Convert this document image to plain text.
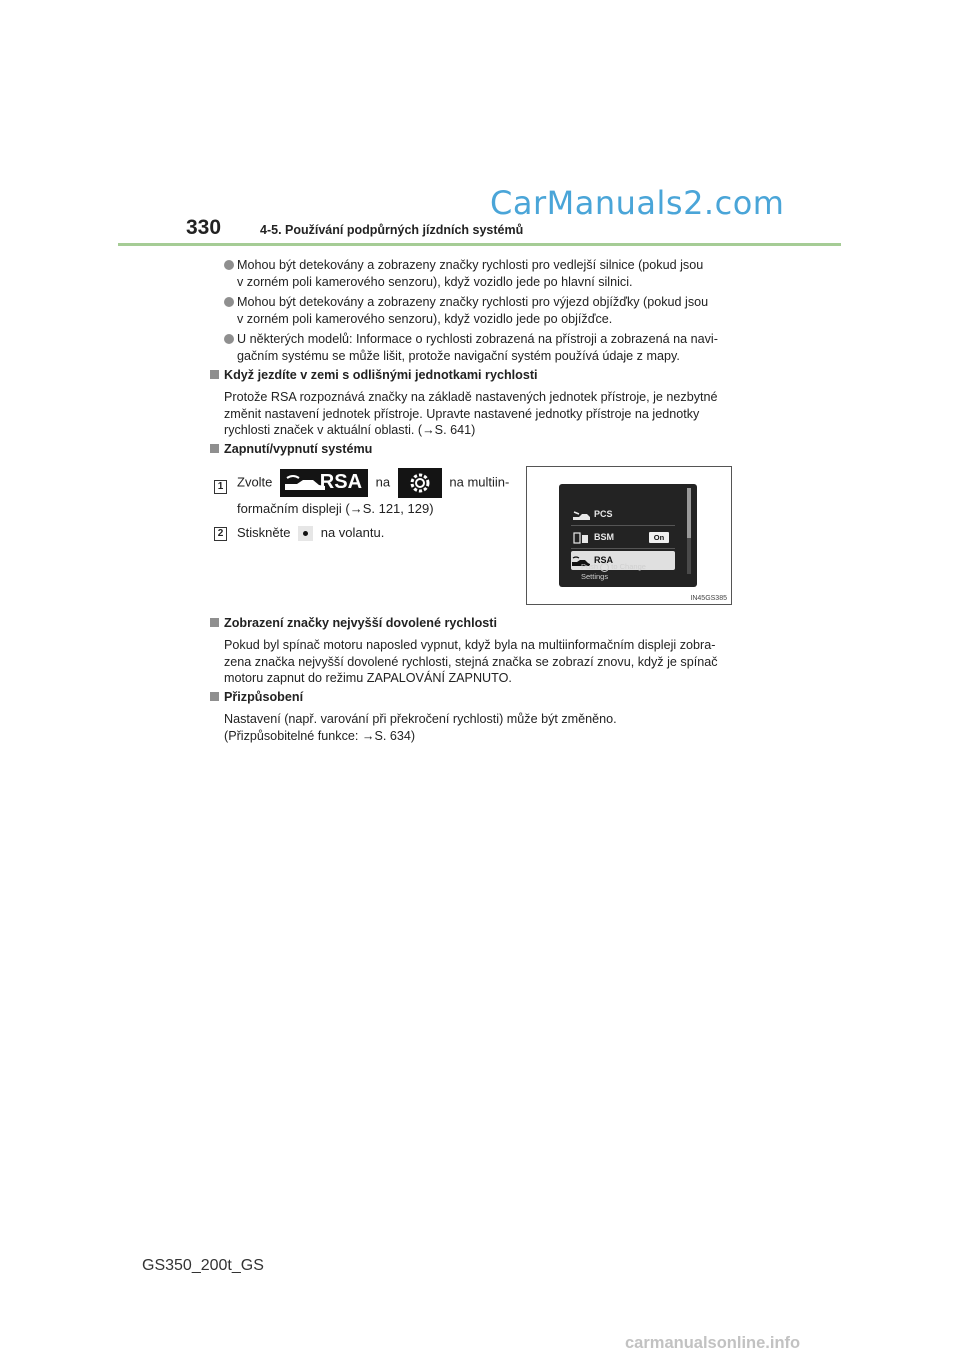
CarManuals2.com
330	4-5. Používání podpůrných jízdních systémů
Mohou být detekovány a zobrazeny značky rychlosti pro vedlejší silnice (pokud jsou
v zorném poli kamerového senzoru), když vozidlo jede po hlavní silnici.
Mohou být detekovány a zobrazeny značky rychlosti pro výjezd objížďky (pokud jsou
v zorném poli kamerového senzoru), když vozidlo jede po objížďce.
U některých modelů: Informace o rychlosti zobrazená na přístroji a zobrazená na navi-
gačním systému se může lišit, protože navigační systém používá údaje z mapy.
Když jezdíte v zemi s odlišnými jednotkami rychlosti
Protože RSA rozpoznává značky na základě nastavených jednotek přístroje, je nezbytné
změnit nastavení jednotek přístroje. Upravte nastavené jednotky přístroje na jednotky
rychlosti značek v aktuální oblasti. (→S. 641)
Zapnutí/vypnutí systému
1 Zvolte RSA na	na multiin-
formačním displeji (→S. 121, 129)
2 Stiskněte na volantu.
PCS
BSM	On
RSA
Push to Change
Settings
IN45GS385
Zobrazení značky nejvyšší dovolené rychlosti
Pokud byl spínač motoru naposled vypnut, když byla na multiinformačním displeji zobra-
zena značka nejvyšší dovolené rychlosti, stejná značka se zobrazí znovu, když je spínač
motoru zapnut do režimu ZAPALOVÁNÍ ZAPNUTO.
Přizpůsobení
Nastavení (např. varování při překročení rychlosti) může být změněno.
(Přizpůsobitelné funkce: →S. 634)
GS350_200t_GS
carmanualsonline.info
